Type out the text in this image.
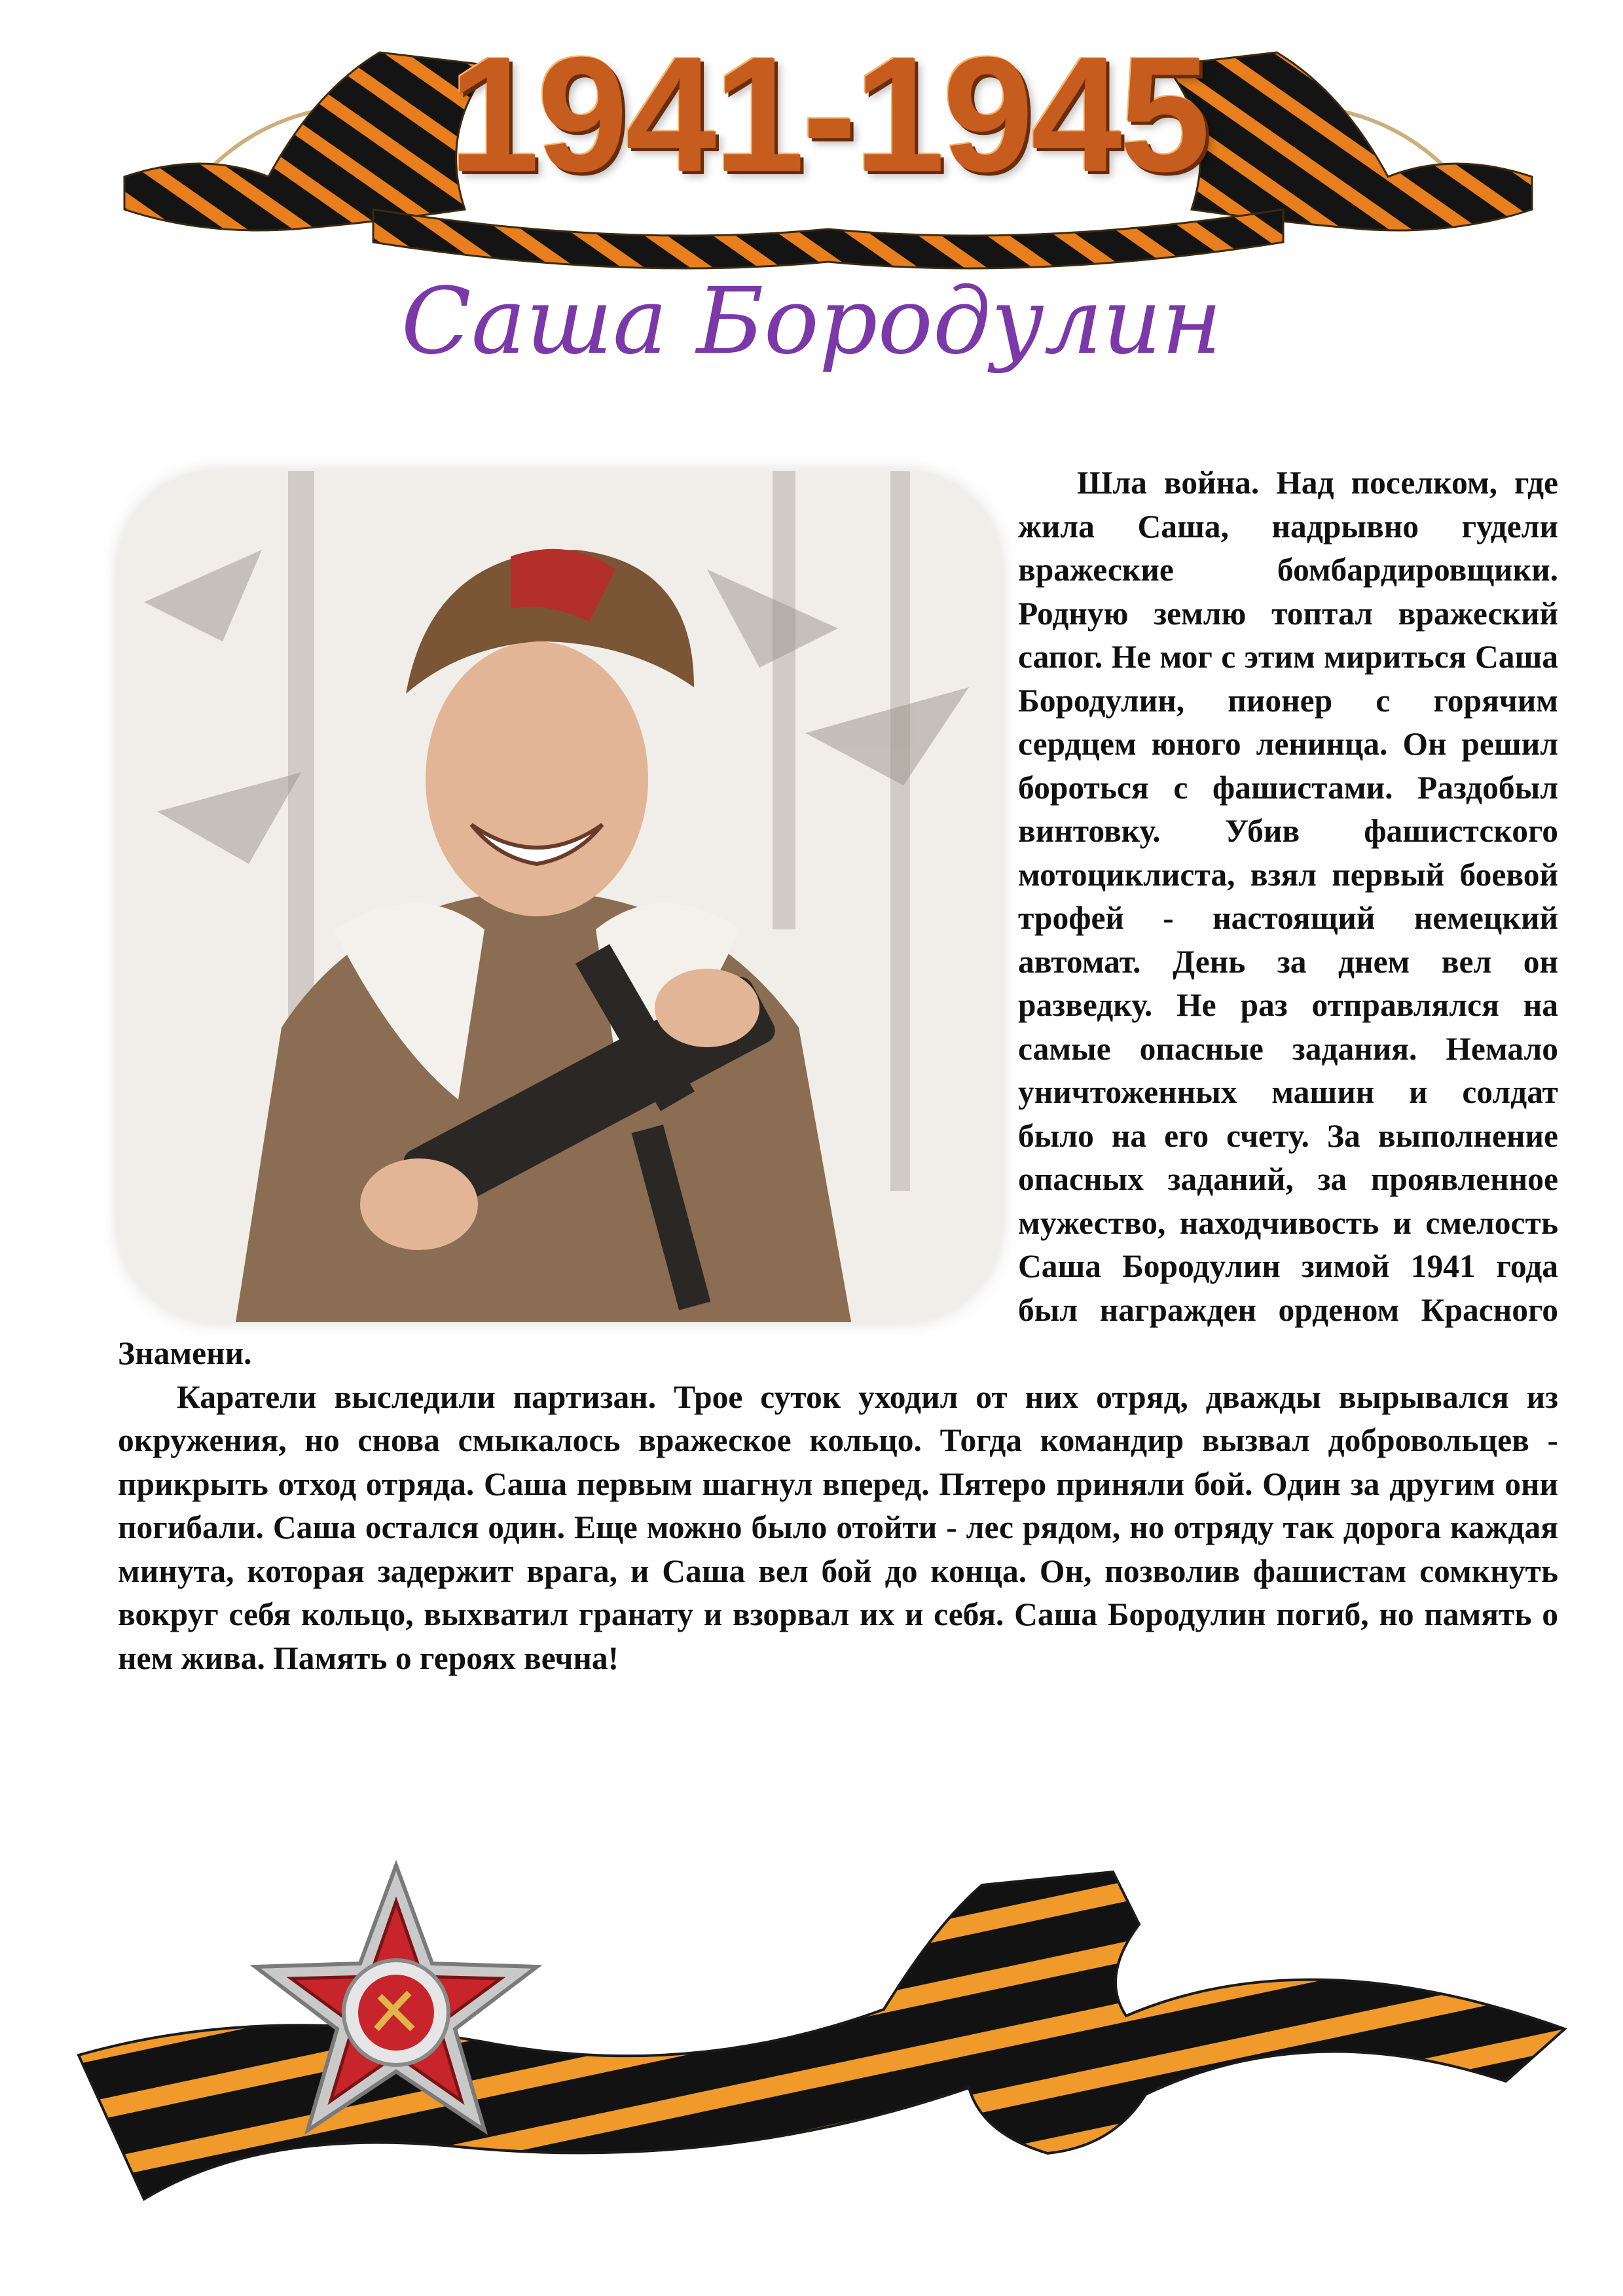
1941-1945
Саша Бородулин

Шла война. Над поселком, где жила Саша, надрывно гудели вражеские бомбардировщики. Родную землю топтал вражеский сапог. Не мог с этим мириться Саша Бородулин, пионер с горячим сердцем юного ленинца. Он решил бороться с фашистами. Раздобыл винтовку. Убив фашистского мотоциклиста, взял первый боевой трофей - настоящий немецкий автомат. День за днем вел он разведку. Не раз отправлялся на самые опасные задания. Немало уничтоженных машин и солдат было на его счету. За выполнение опасных заданий, за проявленное мужество, находчивость и смелость Саша Бородулин зимой 1941 года был награжден орденом Красного Знамени.

Каратели выследили партизан. Трое суток уходил от них отряд, дважды вырывался из окружения, но снова смыкалось вражеское кольцо. Тогда командир вызвал добровольцев - прикрыть отход отряда. Саша первым шагнул вперед. Пятеро приняли бой. Один за другим они погибали. Саша остался один. Еще можно было отойти - лес рядом, но отряду так дорога каждая минута, которая задержит врага, и Саша вел бой до конца. Он, позволив фашистам сомкнуть вокруг себя кольцо, выхватил гранату и взорвал их и себя. Саша Бородулин погиб, но память о нем жива. Память о героях вечна!
